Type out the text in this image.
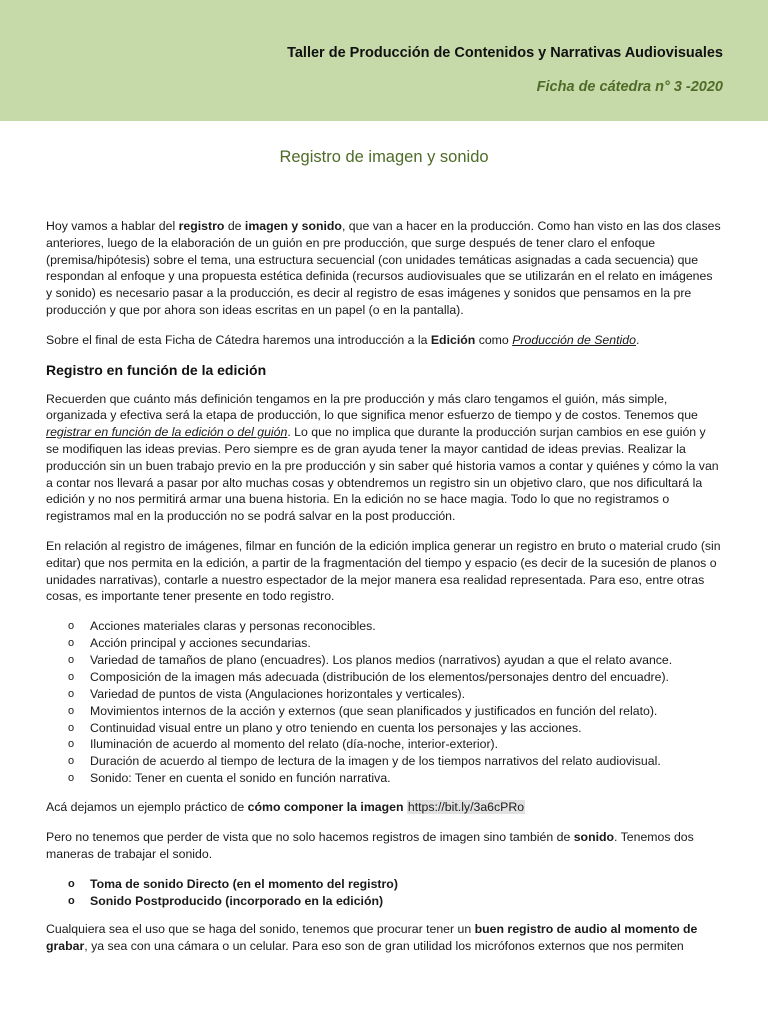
Taller de Producción de Contenidos y Narrativas Audiovisuales
Ficha de cátedra n° 3 -2020
Registro de imagen y sonido

Hoy vamos a hablar del registro de imagen y sonido, que van a hacer en la producción. Como han visto en las dos clases anteriores, luego de la elaboración de un guión en pre producción, que surge después de tener claro el enfoque (premisa/hipótesis) sobre el tema, una estructura secuencial (con unidades temáticas asignadas a cada secuencia) que respondan al enfoque y una propuesta estética definida (recursos audiovisuales que se utilizarán en el relato en imágenes y sonido) es necesario pasar a la producción, es decir al registro de esas imágenes y sonidos que pensamos en la pre producción y que por ahora son ideas escritas en un papel (o en la pantalla).

Sobre el final de esta Ficha de Cátedra haremos una introducción a la Edición como Producción de Sentido.

Registro en función de la edición

Recuerden que cuánto más definición tengamos en la pre producción y más claro tengamos el guión, más simple, organizada y efectiva será la etapa de producción, lo que significa menor esfuerzo de tiempo y de costos. Tenemos que registrar en función de la edición o del guión. Lo que no implica que durante la producción surjan cambios en ese guión y se modifiquen las ideas previas. Pero siempre es de gran ayuda tener la mayor cantidad de ideas previas. Realizar la producción sin un buen trabajo previo en la pre producción y sin saber qué historia vamos a contar y quiénes y cómo la van a contar nos llevará a pasar por alto muchas cosas y obtendremos un registro sin un objetivo claro, que nos dificultará la edición y no nos permitirá armar una buena historia. En la edición no se hace magia. Todo lo que no registramos o registramos mal en la producción no se podrá salvar en la post producción.

En relación al registro de imágenes, filmar en función de la edición implica generar un registro en bruto o material crudo (sin editar) que nos permita en la edición, a partir de la fragmentación del tiempo y espacio (es decir de la sucesión de planos o unidades narrativas), contarle a nuestro espectador de la mejor manera esa realidad representada. Para eso, entre otras cosas, es importante tener presente en todo registro.

o Acciones materiales claras y personas reconocibles.
o Acción principal y acciones secundarias.
o Variedad de tamaños de plano (encuadres). Los planos medios (narrativos) ayudan a que el relato avance.
o Composición de la imagen más adecuada (distribución de los elementos/personajes dentro del encuadre).
o Variedad de puntos de vista (Angulaciones horizontales y verticales).
o Movimientos internos de la acción y externos (que sean planificados y justificados en función del relato).
o Continuidad visual entre un plano y otro teniendo en cuenta los personajes y las acciones.
o Iluminación de acuerdo al momento del relato (día-noche, interior-exterior).
o Duración de acuerdo al tiempo de lectura de la imagen y de los tiempos narrativos del relato audiovisual.
o Sonido: Tener en cuenta el sonido en función narrativa.

Acá dejamos un ejemplo práctico de cómo componer la imagen https://bit.ly/3a6cPRo

Pero no tenemos que perder de vista que no solo hacemos registros de imagen sino también de sonido. Tenemos dos maneras de trabajar el sonido.

o Toma de sonido Directo (en el momento del registro)
o Sonido Postproducido (incorporado en la edición)

Cualquiera sea el uso que se haga del sonido, tenemos que procurar tener un buen registro de audio al momento de grabar, ya sea con una cámara o un celular. Para eso son de gran utilidad los micrófonos externos que nos permiten
